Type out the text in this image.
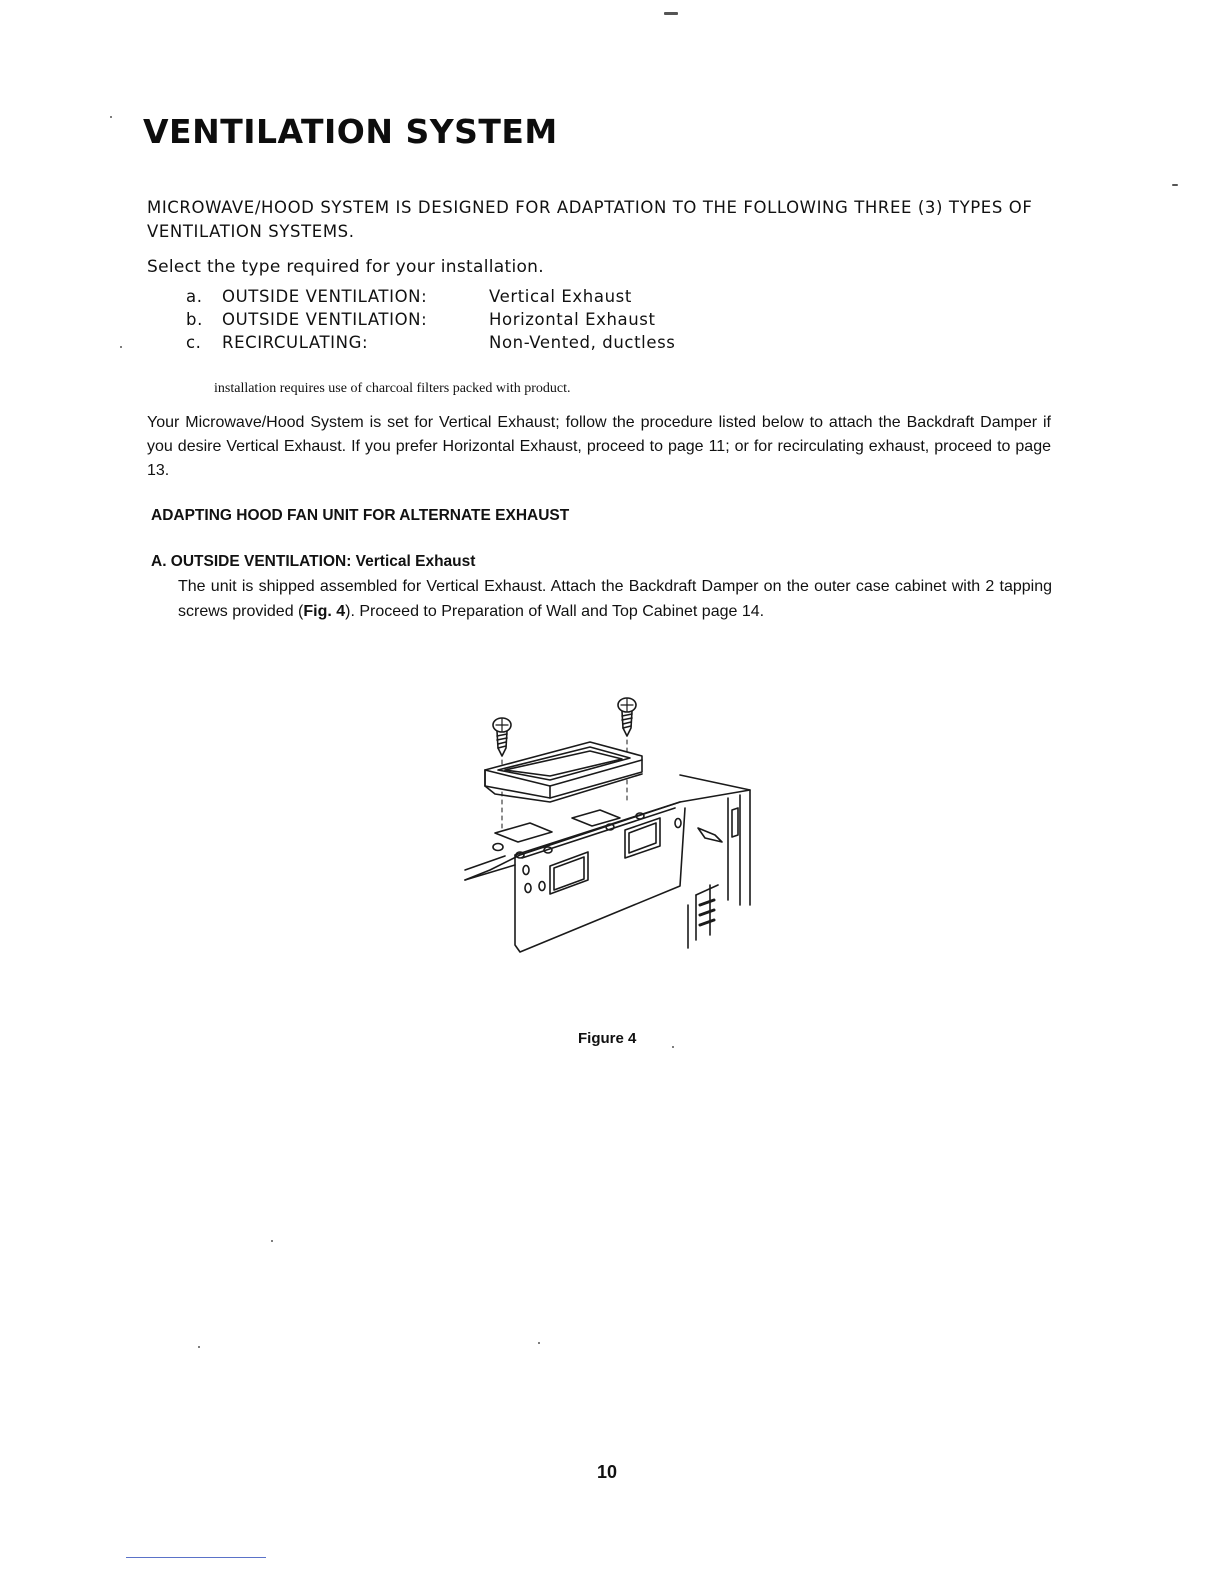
VENTILATION SYSTEM
MICROWAVE/HOOD SYSTEM IS DESIGNED FOR ADAPTATION TO THE FOLLOWING THREE (3) TYPES OF VENTILATION SYSTEMS.
Select the type required for your installation.
a. OUTSIDE VENTILATION:	Vertical Exhaust
b. OUTSIDE VENTILATION:	Horizontal Exhaust
c. RECIRCULATING:	Non-Vented, ductless
installation requires use of charcoal filters packed with product.
Your Microwave/Hood System is set for Vertical Exhaust; follow the procedure listed below to attach the Backdraft Damper if you desire Vertical Exhaust. If you prefer Horizontal Exhaust, proceed to page 11; or for recirculating exhaust, proceed to page 13.
ADAPTING HOOD FAN UNIT FOR ALTERNATE EXHAUST
A. OUTSIDE VENTILATION: Vertical Exhaust
The unit is shipped assembled for Vertical Exhaust. Attach the Backdraft Damper on the outer case cabinet with 2 tapping screws provided (Fig. 4). Proceed to Preparation of Wall and Top Cabinet page 14.
Figure 4
10
